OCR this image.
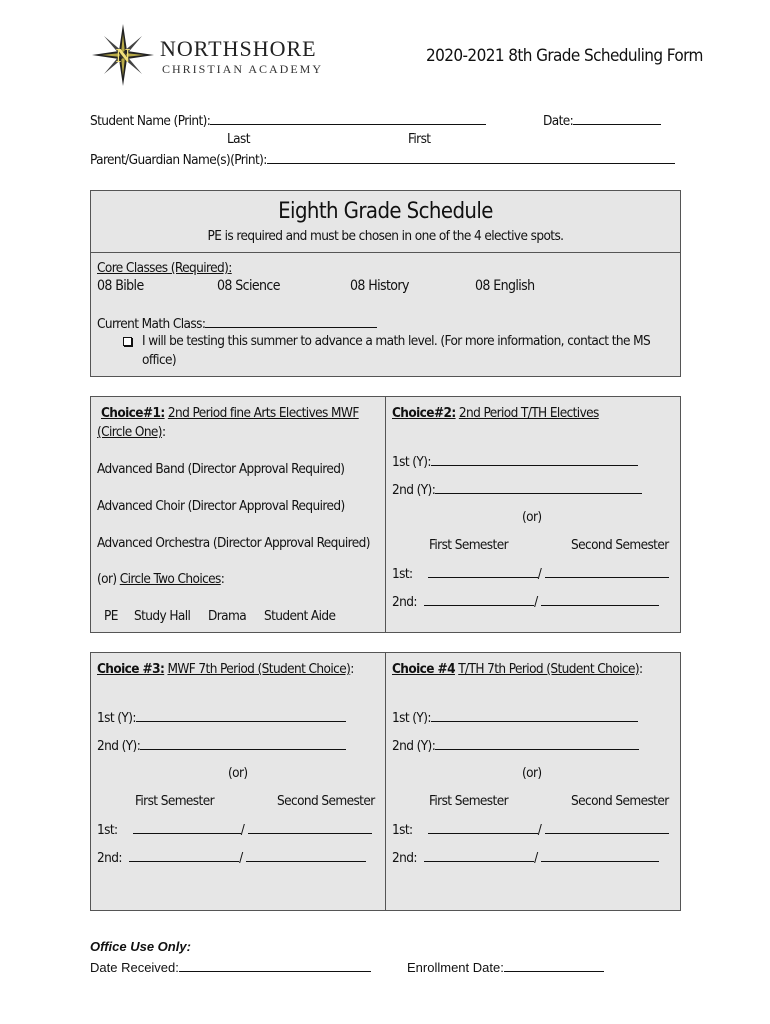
N NORTHSHORE
CHRISTIAN ACADEMY
2020-2021 8th Grade Scheduling Form
Student Name (Print):	Date:
Last	First
Parent/Guardian Name(s)(Print):
Eighth Grade Schedule
PE is required and must be chosen in one of the 4 elective spots.
Core Classes (Required):
08 Bible	08 Science	08 History	08 English
Current Math Class:
I will be testing this summer to advance a math level. (For more information, contact the MS
office)
Choice#1: 2nd Period fine Arts Electives MWF
(Circle One):
Advanced Band (Director Approval Required)
Advanced Choir (Director Approval Required)
Advanced Orchestra (Director Approval Required)
(or) Circle Two Choices:
PE Study Hall Drama Student Aide
Choice#2: 2nd Period T/TH Electives
1st (Y):
2nd (Y):
(or)
First Semester	Second Semester
1st:	/
2nd:	/
Choice #3: MWF 7th Period (Student Choice):
1st (Y):
2nd (Y):
(or)
First Semester	Second Semester
1st:	/
2nd:	/
Choice #4 T/TH 7th Period (Student Choice):
1st (Y):
2nd (Y):
(or)
First Semester	Second Semester
1st:	/
2nd:	/
Office Use Only:
Date Received:	Enrollment Date:
